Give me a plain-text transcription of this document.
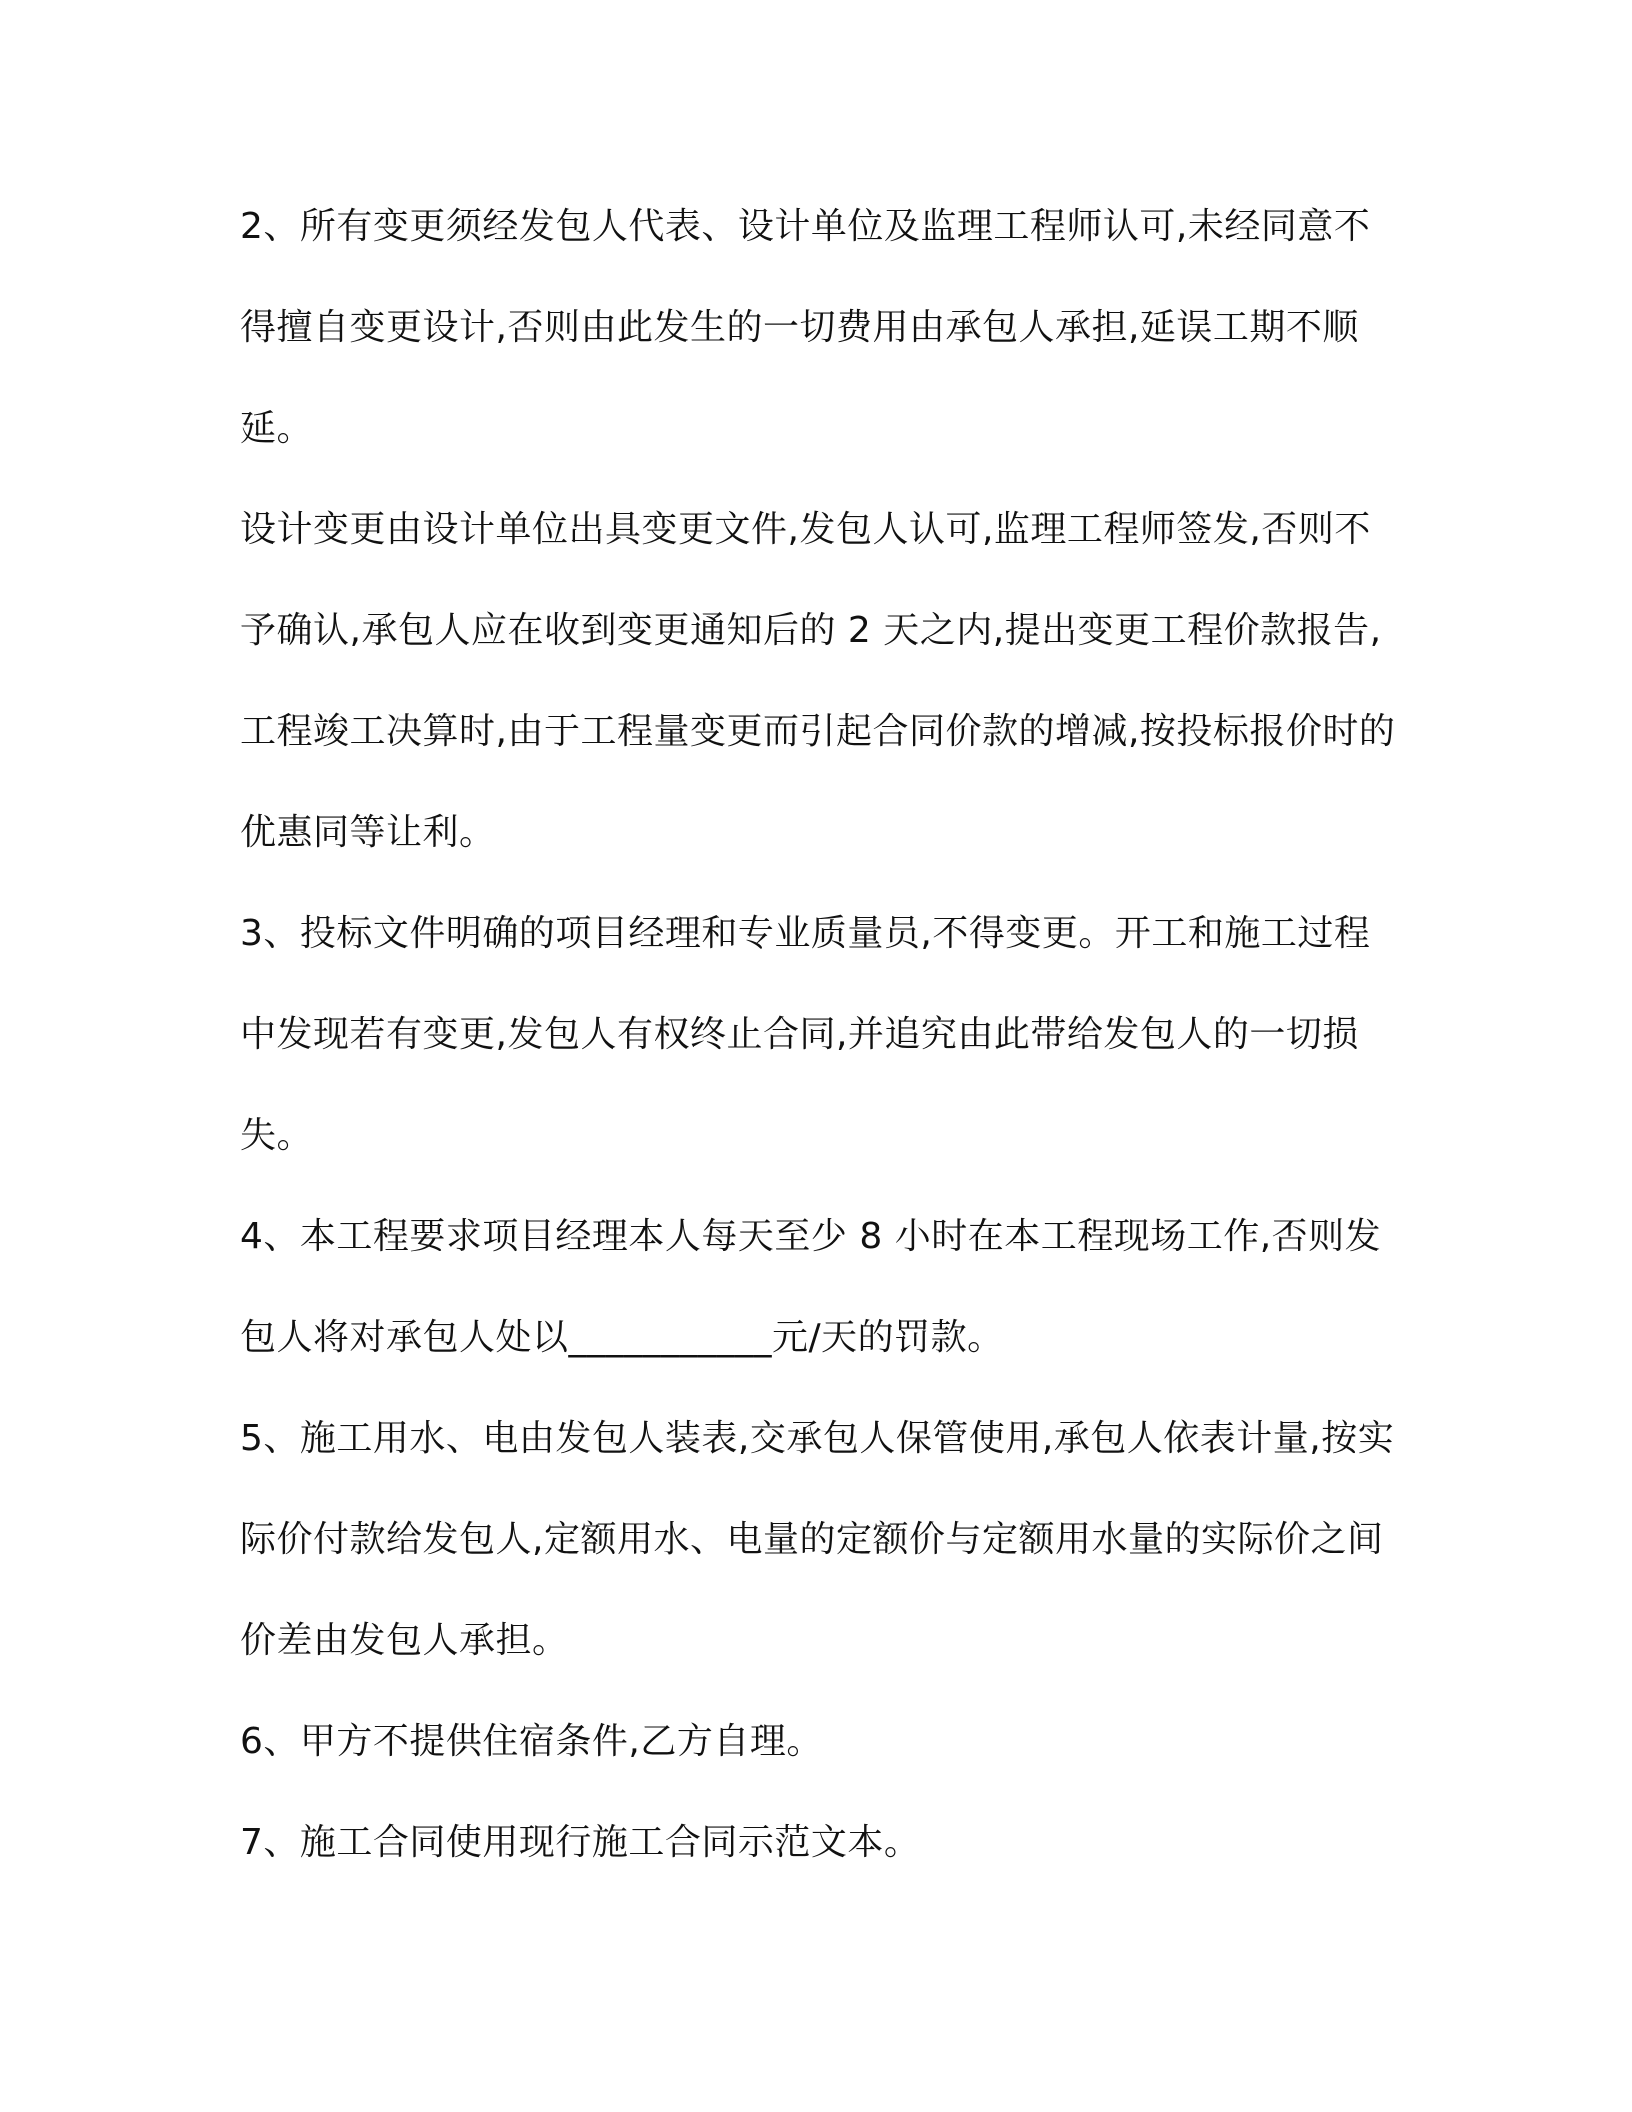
2、所有变更须经发包人代表、设计单位及监理工程师认可,未经同意不得擅自变更设计,否则由此发生的一切费用由承包人承担,延误工期不顺延。

设计变更由设计单位出具变更文件,发包人认可,监理工程师签发,否则不予确认,承包人应在收到变更通知后的 2 天之内,提出变更工程价款报告,工程竣工决算时,由于工程量变更而引起合同价款的增减,按投标报价时的优惠同等让利。

3、投标文件明确的项目经理和专业质量员,不得变更。开工和施工过程中发现若有变更,发包人有权终止合同,并追究由此带给发包人的一切损失。

4、本工程要求项目经理本人每天至少 8 小时在本工程现场工作,否则发包人将对承包人处以___________元/天的罚款。

5、施工用水、电由发包人装表,交承包人保管使用,承包人依表计量,按实际价付款给发包人,定额用水、电量的定额价与定额用水量的实际价之间价差由发包人承担。

6、甲方不提供住宿条件,乙方自理。

7、施工合同使用现行施工合同示范文本。
